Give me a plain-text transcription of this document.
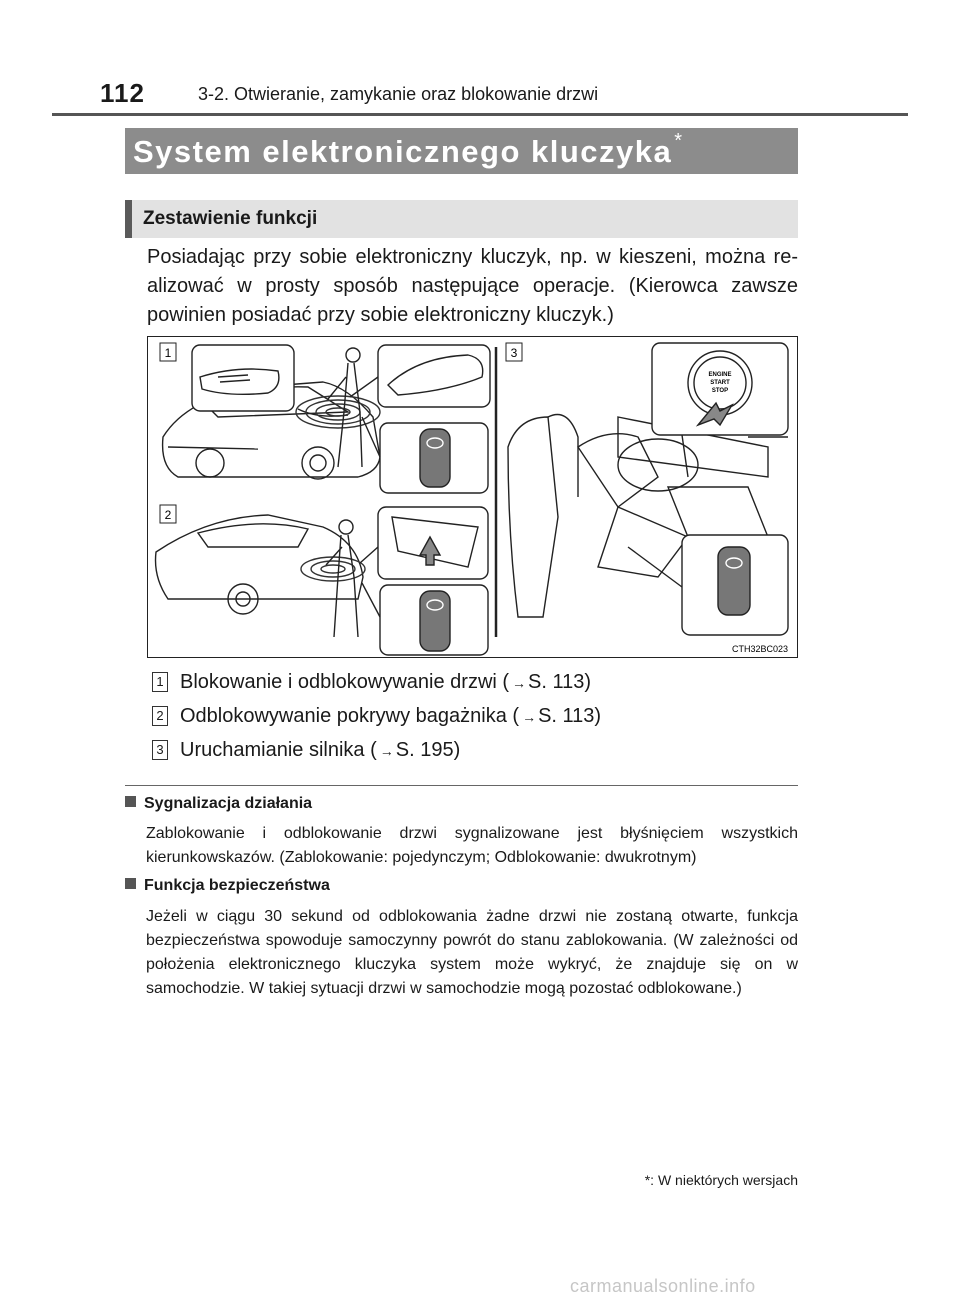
112	3-2. Otwieranie, zamykanie oraz blokowanie drzwi
System elektronicznego kluczyka *
Zestawienie funkcji
Posiadając przy sobie elektroniczny kluczyk, np. w kieszeni, można re-alizować w prosty sposób następujące operacje. (Kierowca zawsze powinien posiadać przy sobie elektroniczny kluczyk.)
1
2
3
ENGINE
START
STOP
CTH32BC023
1 Blokowanie i odblokowywanie drzwi ( → S. 113)
2 Odblokowywanie pokrywy bagażnika ( → S. 113)
3 Uruchamianie silnika ( → S. 195)
Sygnalizacja działania
Zablokowanie i odblokowanie drzwi sygnalizowane jest błyśnięciem wszystkich kierunkowskazów. (Zablokowanie: pojedynczym; Odblokowanie: dwukrotnym)
Funkcja bezpieczeństwa
Jeżeli w ciągu 30 sekund od odblokowania żadne drzwi nie zostaną otwarte, funkcja bezpieczeństwa spowoduje samoczynny powrót do stanu zablokowania. (W zależności od położenia elektronicznego kluczyka system może wykryć, że znajduje się on w samochodzie. W takiej sytuacji drzwi w samochodzie mogą pozostać odblokowane.)
*: W niektórych wersjach
carmanualsonline.info
